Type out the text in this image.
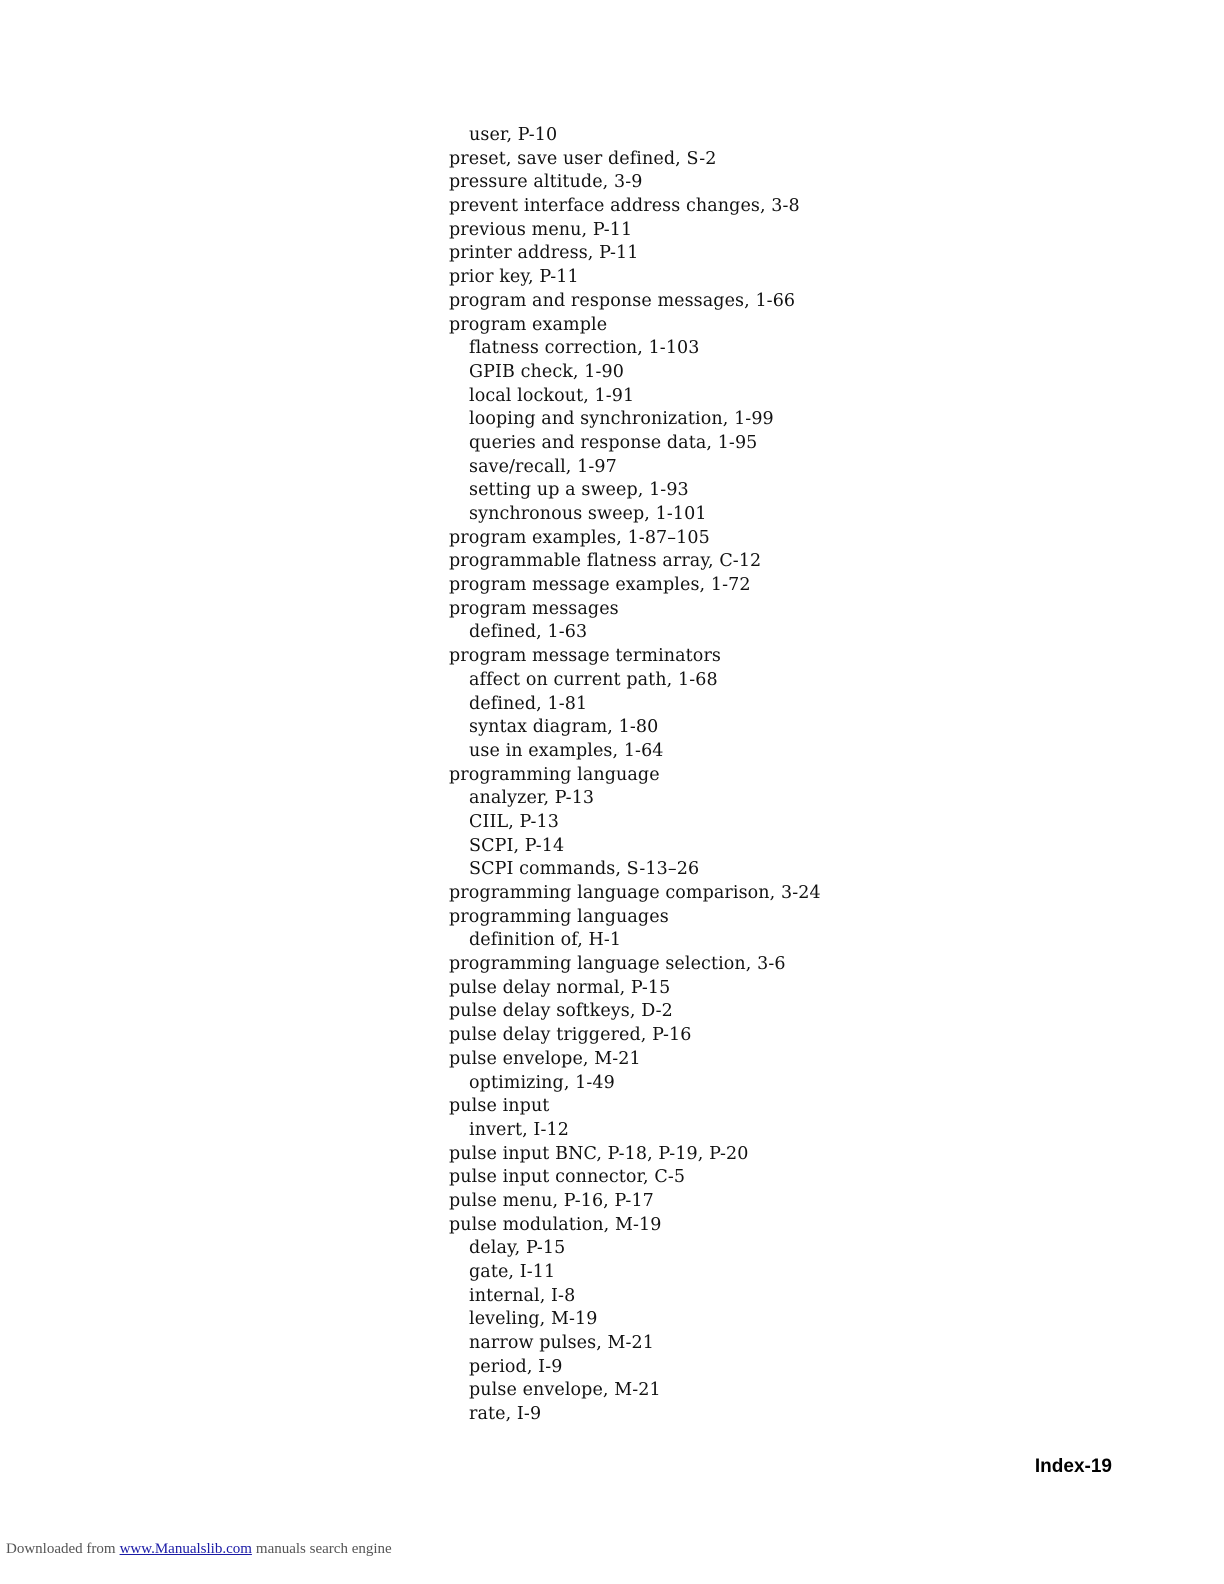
user, P-10
preset, save user defined, S-2
pressure altitude, 3-9
prevent interface address changes, 3-8
previous menu, P-11
printer address, P-11
prior key, P-11
program and response messages, 1-66
program example
flatness correction, 1-103
GPIB check, 1-90
local lockout, 1-91
looping and synchronization, 1-99
queries and response data, 1-95
save/recall, 1-97
setting up a sweep, 1-93
synchronous sweep, 1-101
program examples, 1-87–105
programmable flatness array, C-12
program message examples, 1-72
program messages
defined, 1-63
program message terminators
affect on current path, 1-68
defined, 1-81
syntax diagram, 1-80
use in examples, 1-64
programming language
analyzer, P-13
CIIL, P-13
SCPI, P-14
SCPI commands, S-13–26
programming language comparison, 3-24
programming languages
definition of, H-1
programming language selection, 3-6
pulse delay normal, P-15
pulse delay softkeys, D-2
pulse delay triggered, P-16
pulse envelope, M-21
optimizing, 1-49
pulse input
invert, I-12
pulse input BNC, P-18, P-19, P-20
pulse input connector, C-5
pulse menu, P-16, P-17
pulse modulation, M-19
delay, P-15
gate, I-11
internal, I-8
leveling, M-19
narrow pulses, M-21
period, I-9
pulse envelope, M-21
rate, I-9
Index-19
Downloaded from www.Manualslib.com manuals search engine
